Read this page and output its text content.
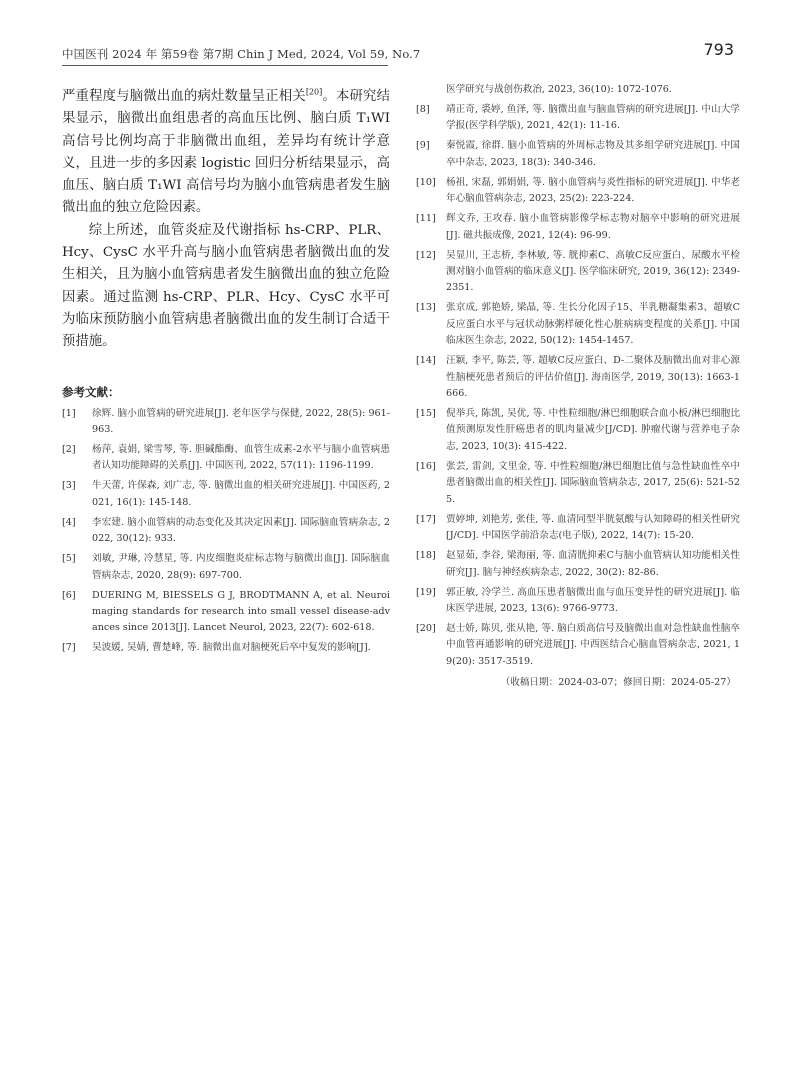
中国医刊 2024 年 第59卷 第7期 Chin J Med, 2024, Vol 59, No.7	793

严重程度与脑微出血的病灶数量呈正相关[20]。本研究结果显示，脑微出血组患者的高血压比例、脑白质 T₁WI 高信号比例均高于非脑微出血组，差异均有统计学意义，且进一步的多因素 logistic 回归分析结果显示，高血压、脑白质 T₁WI 高信号均为脑小血管病患者发生脑微出血的独立危险因素。

综上所述，血管炎症及代谢指标 hs-CRP、PLR、Hcy、CysC 水平升高与脑小血管病患者脑微出血的发生相关，且为脑小血管病患者发生脑微出血的独立危险因素。通过监测 hs-CRP、PLR、Hcy、CysC 水平可为临床预防脑小血管病患者脑微出血的发生制订合适干预措施。

参考文献：
[1]	徐辉. 脑小血管病的研究进展[J]. 老年医学与保健, 2022, 28(5): 961-963.
[2]	杨萍, 袁娟, 梁雪琴, 等. 胆碱酯酶、血管生成素-2水平与脑小血管病患者认知功能障碍的关系[J]. 中国医刊, 2022, 57(11): 1196-1199.
[3]	牛天蕾, 许保森, 刘广志, 等. 脑微出血的相关研究进展[J]. 中国医药, 2021, 16(1): 145-148.
[4]	李宏建. 脑小血管病的动态变化及其决定因素[J]. 国际脑血管病杂志, 2022, 30(12): 933.
[5]	刘敏, 尹琳, 冷慧星, 等. 内皮细胞炎症标志物与脑微出血[J]. 国际脑血管病杂志, 2020, 28(9): 697-700.
[6]	DUERING M, BIESSELS G J, BRODTMANN A, et al. Neuroimaging standards for research into small vessel disease-advances since 2013[J]. Lancet Neurol, 2023, 22(7): 602-618.
[7]	吴波媛, 吴婧, 曹楚峰, 等. 脑微出血对脑梗死后卒中复发的影响[J].
医学研究与战创伤救治, 2023, 36(10): 1072-1076.
[8]	靖正奇, 裘婷, 鱼泽, 等. 脑微出血与脑血管病的研究进展[J]. 中山大学学报(医学科学版), 2021, 42(1): 11-16.
[9]	秦悦霞, 徐群. 脑小血管病的外周标志物及其多组学研究进展[J]. 中国卒中杂志, 2023, 18(3): 340-346.
[10]	杨祖, 宋磊, 郭娟娟, 等. 脑小血管病与炎性指标的研究进展[J]. 中华老年心脑血管病杂志, 2023, 25(2): 223-224.
[11]	辉文乔, 王攻春. 脑小血管病影像学标志物对脑卒中影响的研究进展[J]. 磁共振成像, 2021, 12(4): 96-99.
[12]	吴显川, 王志桥, 李林敏, 等. 胱抑素C、高敏C反应蛋白、尿酸水平检测对脑小血管病的临床意义[J]. 医学临床研究, 2019, 36(12): 2349-2351.
[13]	张京成, 郭艳娇, 梁晶, 等. 生长分化因子15、半乳糖凝集素3、超敏C反应蛋白水平与冠状动脉粥样硬化性心脏病病变程度的关系[J]. 中国临床医生杂志, 2022, 50(12): 1454-1457.
[14]	汪颖, 李平, 陈芸, 等. 超敏C反应蛋白、D-二聚体及脑微出血对非心源性脑梗死患者预后的评估价值[J]. 海南医学, 2019, 30(13): 1663-1666.
[15]	倪举兵, 陈凯, 吴优, 等. 中性粒细胞/淋巴细胞联合血小板/淋巴细胞比值预测原发性肝癌患者的肌肉量减少[J/CD]. 肿瘤代谢与营养电子杂志, 2023, 10(3): 415-422.
[16]	张芸, 雷剑, 文里金, 等. 中性粒细胞/淋巴细胞比值与急性缺血性卒中患者脑微出血的相关性[J]. 国际脑血管病杂志, 2017, 25(6): 521-525.
[17]	贾婷坤, 刘艳芳, 张佳, 等. 血清同型半胱氨酸与认知障碍的相关性研究[J/CD]. 中国医学前沿杂志(电子版), 2022, 14(7): 15-20.
[18]	赵显茹, 李谷, 梁海丽, 等. 血清胱抑素C与脑小血管病认知功能相关性研究[J]. 脑与神经疾病杂志, 2022, 30(2): 82-86.
[19]	郭正敏, 冷学兰. 高血压患者脑微出血与血压变异性的研究进展[J]. 临床医学进展, 2023, 13(6): 9766-9773.
[20]	赵士娇, 陈贝, 张从艳, 等. 脑白质高信号及脑微出血对急性缺血性脑卒中血管再通影响的研究进展[J]. 中西医结合心脑血管病杂志, 2021, 19(20): 3517-3519.
（收稿日期：2024-03-07；修回日期：2024-05-27）
